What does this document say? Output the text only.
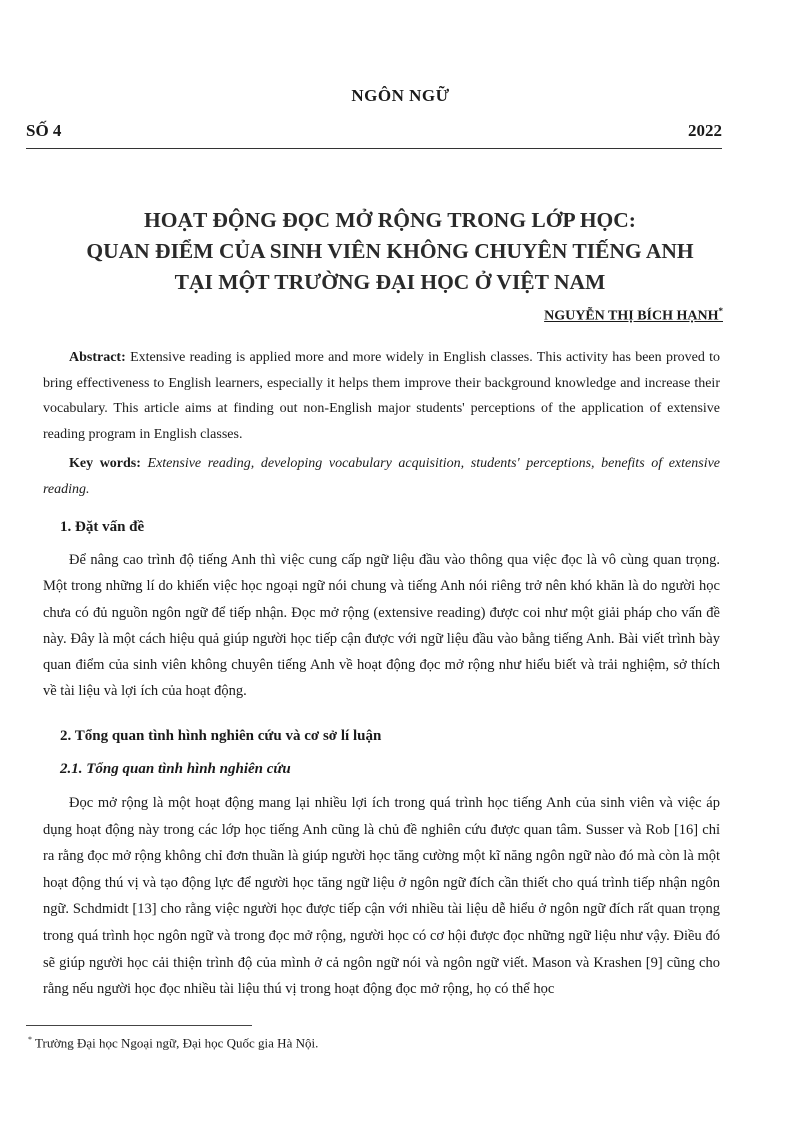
NGÔN NGỮ
SỐ 4	2022
HOẠT ĐỘNG ĐỌC MỞ RỘNG TRONG LỚP HỌC:
QUAN ĐIỂM CỦA SINH VIÊN KHÔNG CHUYÊN TIẾNG ANH
TẠI MỘT TRƯỜNG ĐẠI HỌC Ở VIỆT NAM
NGUYỄN THỊ BÍCH HẠNH*
Abstract: Extensive reading is applied more and more widely in English classes. This activity has been proved to bring effectiveness to English learners, especially it helps them improve their background knowledge and increase their vocabulary. This article aims at finding out non-English major students' perceptions of the application of extensive reading program in English classes.
Key words: Extensive reading, developing vocabulary acquisition, students' perceptions, benefits of extensive reading.
1. Đặt vấn đề
Để nâng cao trình độ tiếng Anh thì việc cung cấp ngữ liệu đầu vào thông qua việc đọc là vô cùng quan trọng. Một trong những lí do khiến việc học ngoại ngữ nói chung và tiếng Anh nói riêng trở nên khó khăn là do người học chưa có đủ nguồn ngôn ngữ để tiếp nhận. Đọc mở rộng (extensive reading) được coi như một giải pháp cho vấn đề này. Đây là một cách hiệu quả giúp người học tiếp cận được với ngữ liệu đầu vào bằng tiếng Anh. Bài viết trình bày quan điểm của sinh viên không chuyên tiếng Anh về hoạt động đọc mở rộng như hiểu biết và trải nghiệm, sở thích về tài liệu và lợi ích của hoạt động.
2. Tổng quan tình hình nghiên cứu và cơ sở lí luận
2.1. Tổng quan tình hình nghiên cứu
Đọc mở rộng là một hoạt động mang lại nhiều lợi ích trong quá trình học tiếng Anh của sinh viên và việc áp dụng hoạt động này trong các lớp học tiếng Anh cũng là chủ đề nghiên cứu được quan tâm. Susser và Rob [16] chỉ ra rằng đọc mở rộng không chỉ đơn thuần là giúp người học tăng cường một kĩ năng ngôn ngữ nào đó mà còn là một hoạt động thú vị và tạo động lực để người học tăng ngữ liệu ở ngôn ngữ đích cần thiết cho quá trình tiếp nhận ngôn ngữ. Schdmidt [13] cho rằng việc người học được tiếp cận với nhiều tài liệu dễ hiểu ở ngôn ngữ đích rất quan trọng trong quá trình học ngôn ngữ và trong đọc mở rộng, người học có cơ hội được đọc những ngữ liệu như vậy. Điều đó sẽ giúp người học cải thiện trình độ của mình ở cả ngôn ngữ nói và ngôn ngữ viết. Mason và Krashen [9] cũng cho rằng nếu người học đọc nhiều tài liệu thú vị trong hoạt động đọc mở rộng, họ có thể học
* Trường Đại học Ngoại ngữ, Đại học Quốc gia Hà Nội.
